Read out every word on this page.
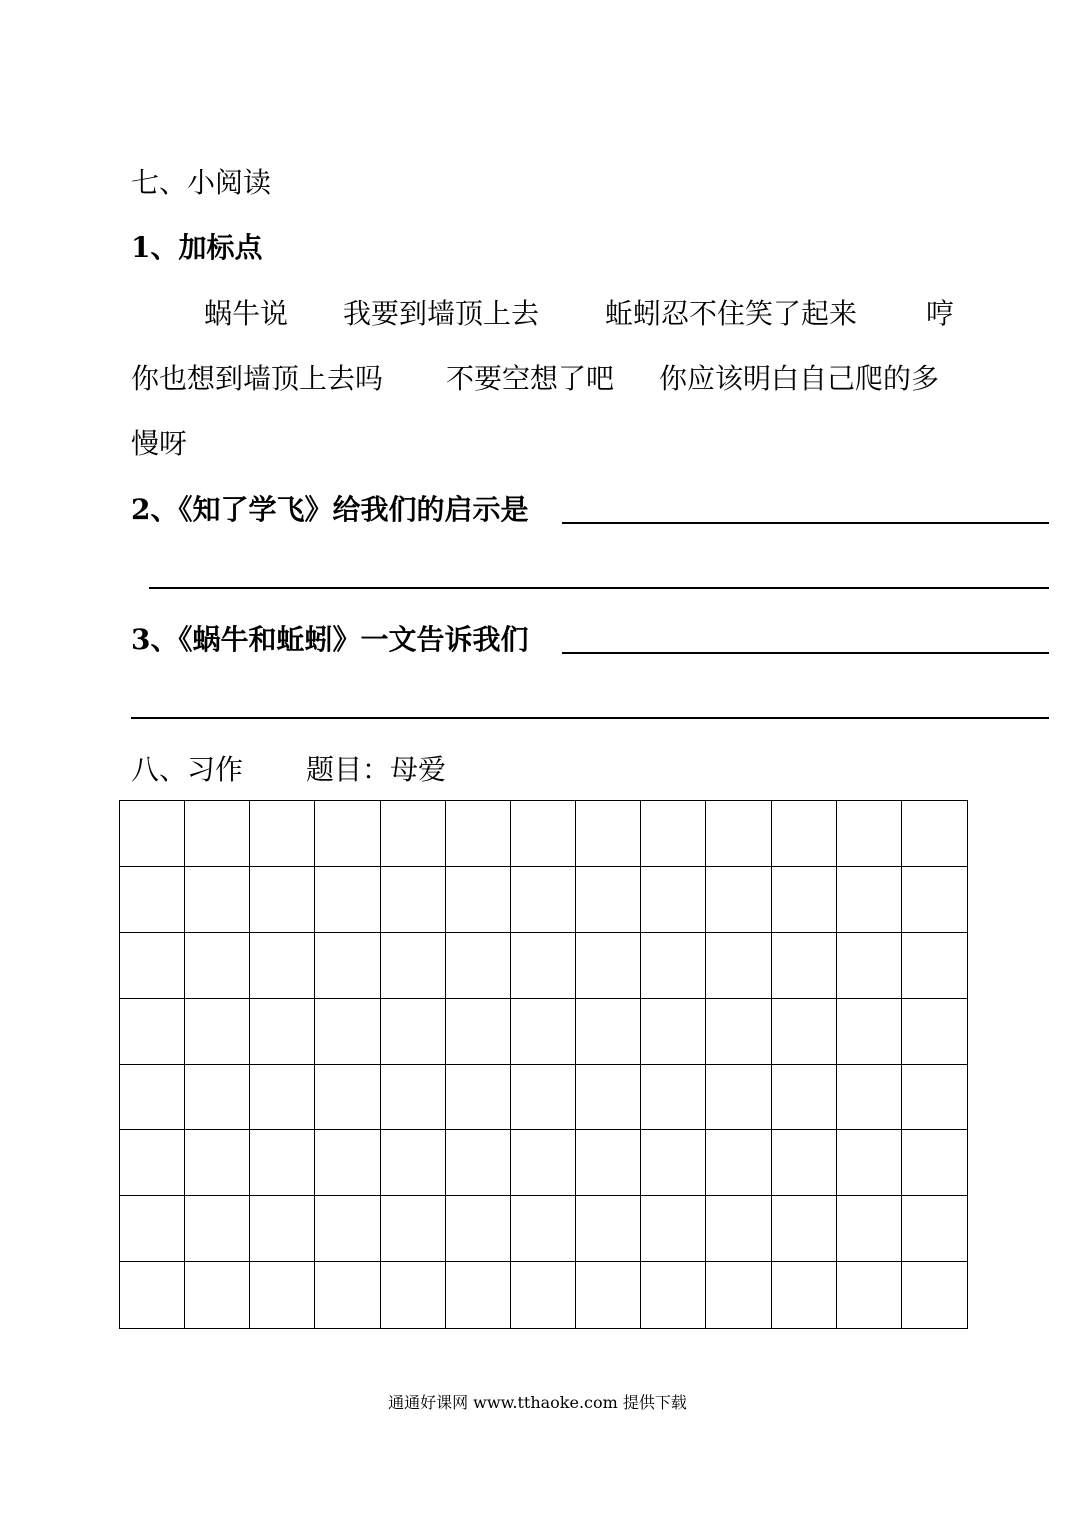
七、小阅读
1、加标点
蜗牛说 我要到墙顶上去 蚯蚓忍不住笑了起来 哼
你也想到墙顶上去吗 不要空想了吧 你应该明白自己爬的多
慢呀
2、《知了学飞》给我们的启示是
3、《蜗牛和蚯蚓》一文告诉我们
八、习作 题目：母爱
通通好课网 www.tthaoke.com 提供下载
